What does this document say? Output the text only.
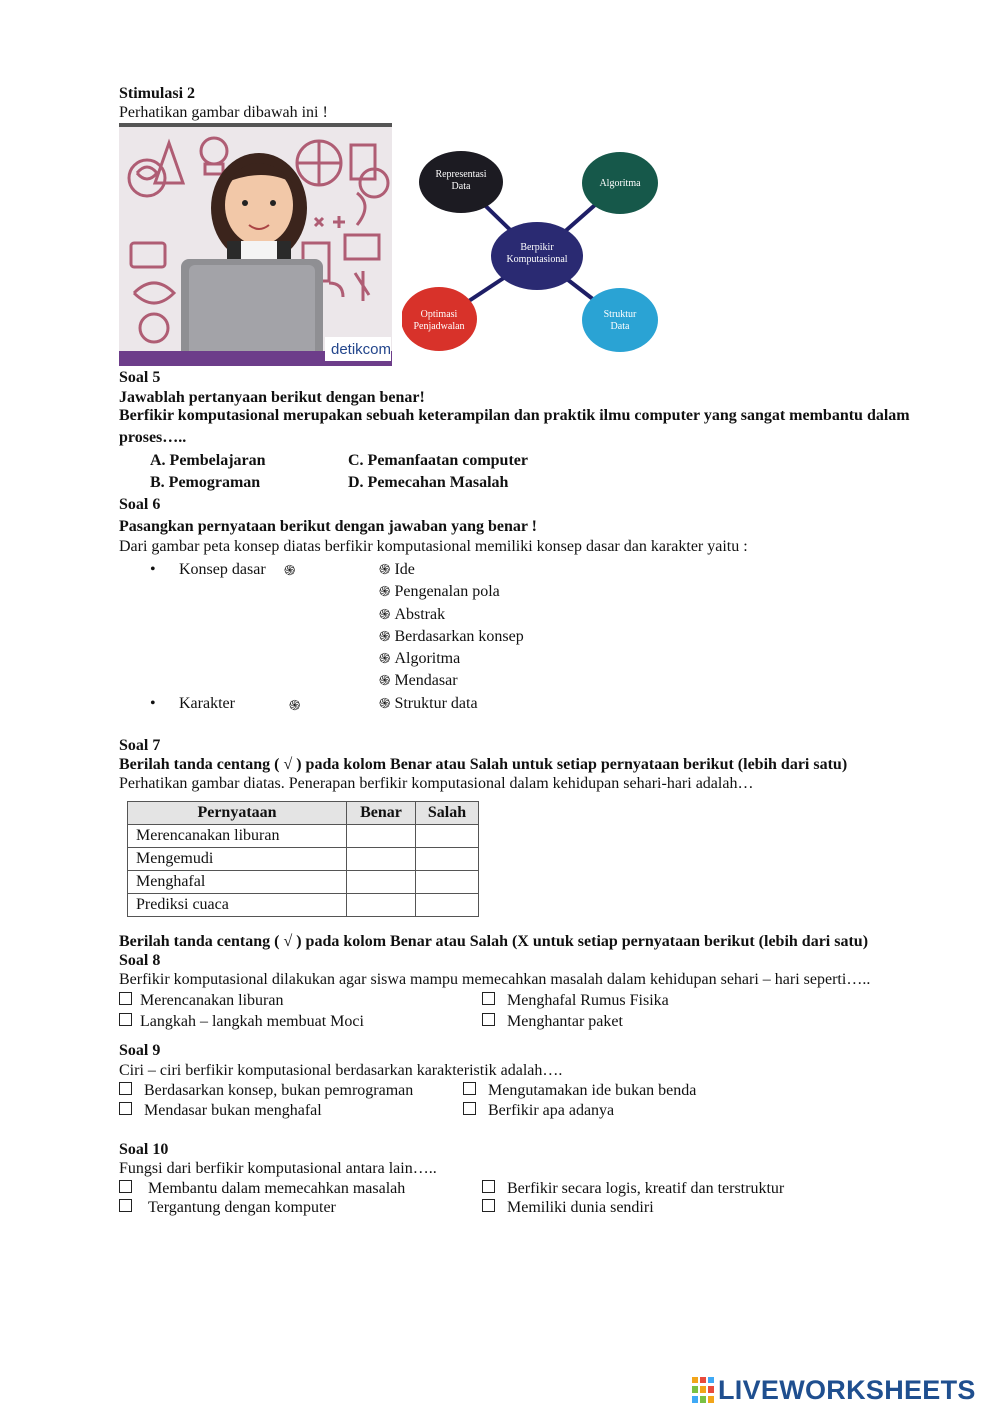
Stimulasi 2
Perhatikan gambar dibawah ini !
detikcom
Representasi
Data	Algoritma
Optimasi
Penjadwalan
Struktur
Data
Berpikir
Komputasional
Soal 5
Jawablah pertanyaan berikut dengan benar!
Berfikir komputasional merupakan sebuah keterampilan dan praktik ilmu computer yang sangat membantu dalam
proses…..
A. Pembelajaran	C. Pemanfaatan computer
B. Pemograman	D. Pemecahan Masalah
Soal 6
Pasangkan pernyataan berikut dengan jawaban yang benar !
Dari gambar peta konsep diatas berfikir komputasional memiliki konsep dasar dan karakter yaitu :
• Konsep dasar ֍
• Karakter	֍
֍ Ide
֍ Pengenalan pola
֍ Abstrak
֍ Berdasarkan konsep
֍ Algoritma
֍ Mendasar
֍ Struktur data
Soal 7
Berilah tanda centang ( √ ) pada kolom Benar atau Salah untuk setiap pernyataan berikut (lebih dari satu)
Perhatikan gambar diatas. Penerapan berfikir komputasional dalam kehidupan sehari-hari adalah…
Pernyataan	Benar	Salah
Merencanakan liburan		
Mengemudi		
Menghafal		
Prediksi cuaca		
Berilah tanda centang ( √ ) pada kolom Benar atau Salah (X untuk setiap pernyataan berikut (lebih dari satu)
Soal 8
Berfikir komputasional dilakukan agar siswa mampu memecahkan masalah dalam kehidupan sehari – hari seperti…..
Merencanakan liburan	Menghafal Rumus Fisika
Langkah – langkah membuat Moci	Menghantar paket
Soal 9
Ciri – ciri berfikir komputasional berdasarkan karakteristik adalah….
Berdasarkan konsep, bukan pemrograman	Mengutamakan ide bukan benda
Mendasar bukan menghafal	Berfikir apa adanya
Soal 10
Fungsi dari berfikir komputasional antara lain…..
Membantu dalam memecahkan masalah	Berfikir secara logis, kreatif dan terstruktur
Tergantung dengan komputer	Memiliki dunia sendiri
LIVEWORKSHEETS
